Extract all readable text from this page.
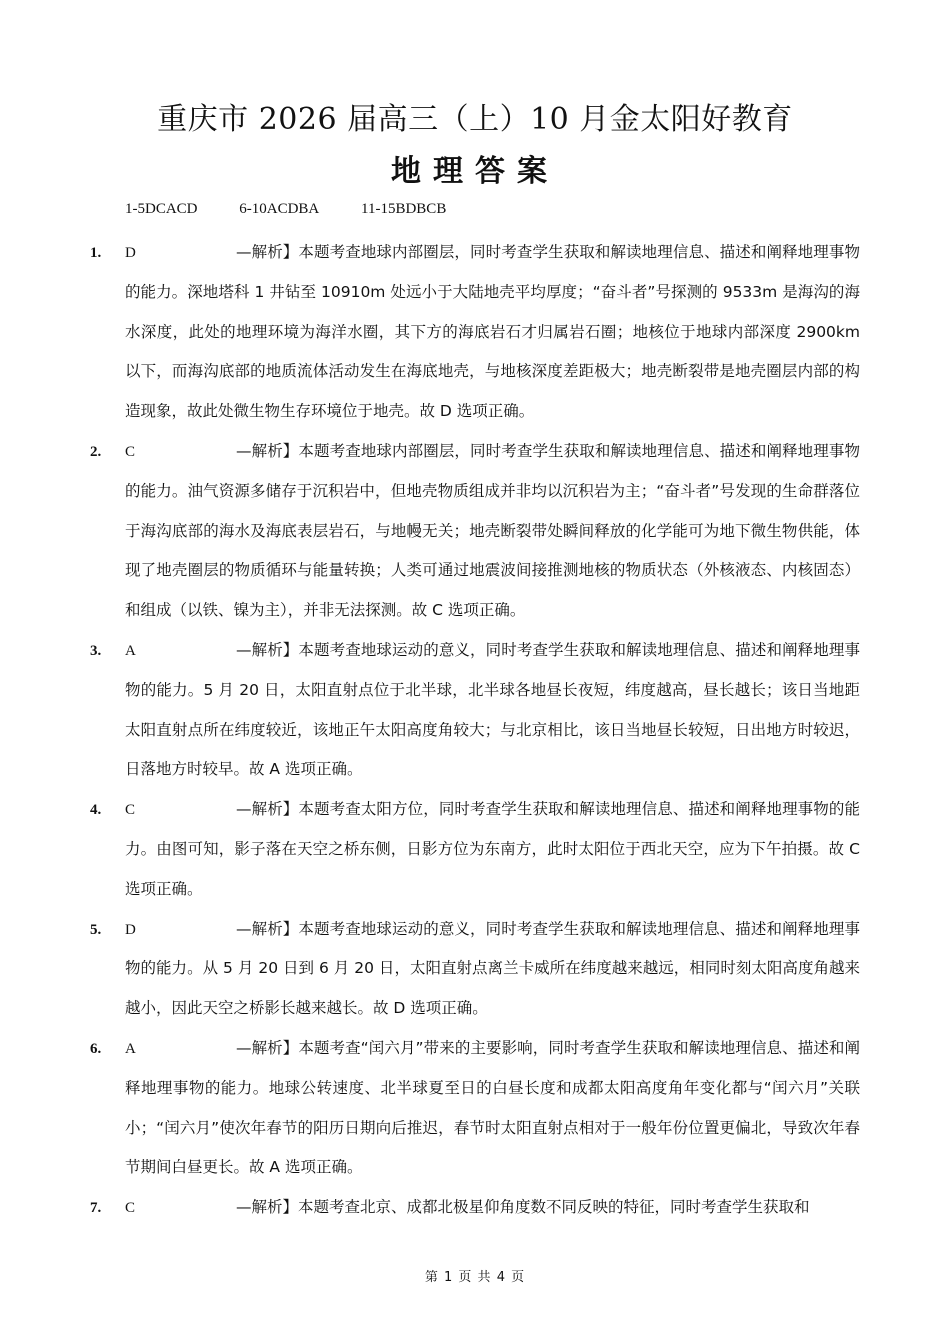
重庆市 2026 届高三（上）10 月金太阳好教育
地理答案
1-5DCACD	6-10ACDBA	11-15BDBCB
1. D	—解析】本题考查地球内部圈层，同时考查学生获取和解读地理信息、描述和阐释地理事物的能力。深地塔科 1 井钻至 10910m 处远小于大陆地壳平均厚度；“奋斗者”号探测的 9533m 是海沟的海水深度，此处的地理环境为海洋水圈，其下方的海底岩石才归属岩石圈；地核位于地球内部深度 2900km 以下，而海沟底部的地质流体活动发生在海底地壳，与地核深度差距极大；地壳断裂带是地壳圈层内部的构造现象，故此处微生物生存环境位于地壳。故 D 选项正确。
2. C	—解析】本题考查地球内部圈层，同时考查学生获取和解读地理信息、描述和阐释地理事物的能力。油气资源多储存于沉积岩中，但地壳物质组成并非均以沉积岩为主；“奋斗者”号发现的生命群落位于海沟底部的海水及海底表层岩石，与地幔无关；地壳断裂带处瞬间释放的化学能可为地下微生物供能，体现了地壳圈层的物质循环与能量转换；人类可通过地震波间接推测地核的物质状态（外核液态、内核固态）和组成（以铁、镍为主），并非无法探测。故 C 选项正确。
3. A	—解析】本题考查地球运动的意义，同时考查学生获取和解读地理信息、描述和阐释地理事物的能力。5 月 20 日，太阳直射点位于北半球，北半球各地昼长夜短，纬度越高，昼长越长；该日当地距太阳直射点所在纬度较近，该地正午太阳高度角较大；与北京相比，该日当地昼长较短，日出地方时较迟，日落地方时较早。故 A 选项正确。
4. C	—解析】本题考查太阳方位，同时考查学生获取和解读地理信息、描述和阐释地理事物的能力。由图可知，影子落在天空之桥东侧，日影方位为东南方，此时太阳位于西北天空，应为下午拍摄。故 C 选项正确。
5. D	—解析】本题考查地球运动的意义，同时考查学生获取和解读地理信息、描述和阐释地理事物的能力。从 5 月 20 日到 6 月 20 日，太阳直射点离兰卡威所在纬度越来越远，相同时刻太阳高度角越来越小，因此天空之桥影长越来越长。故 D 选项正确。
6. A	—解析】本题考查“闰六月”带来的主要影响，同时考查学生获取和解读地理信息、描述和阐释地理事物的能力。地球公转速度、北半球夏至日的白昼长度和成都太阳高度角年变化都与“闰六月”关联小；“闰六月”使次年春节的阳历日期向后推迟，春节时太阳直射点相对于一般年份位置更偏北，导致次年春节期间白昼更长。故 A 选项正确。
7. C	—解析】本题考查北京、成都北极星仰角度数不同反映的特征，同时考查学生获取和
第 1 页 共 4 页
